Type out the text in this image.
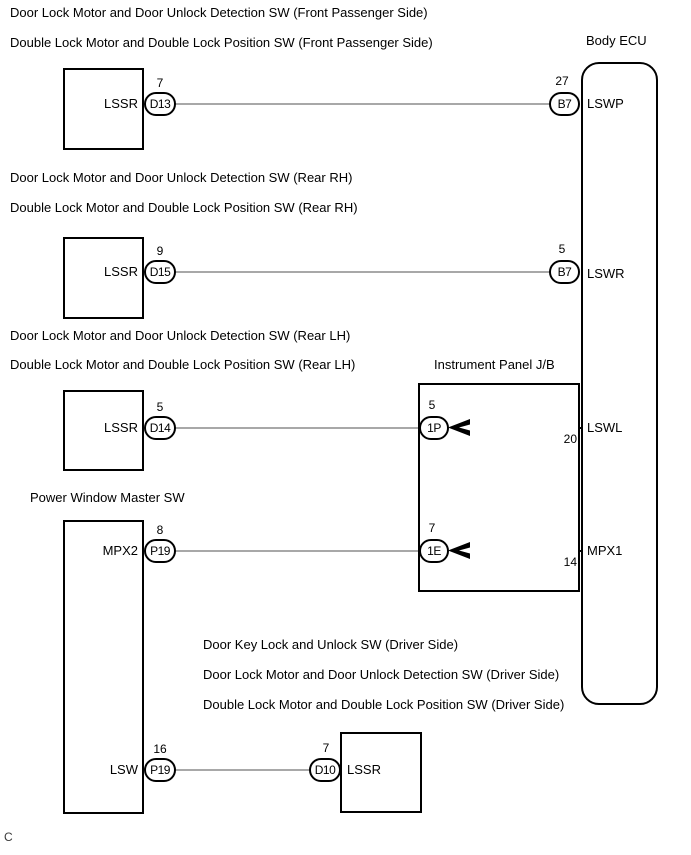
Door Lock Motor and Door Unlock Detection SW (Front Passenger Side)
Double Lock Motor and Double Lock Position SW (Front Passenger Side)	Body ECU
Door Lock Motor and Door Unlock Detection SW (Rear RH)
Double Lock Motor and Double Lock Position SW (Rear RH)
Door Lock Motor and Door Unlock Detection SW (Rear LH)
Double Lock Motor and Double Lock Position SW (Rear LH)	Instrument Panel J/B
Power Window Master SW
Door Key Lock and Unlock SW (Driver Side)
Door Lock Motor and Door Unlock Detection SW (Driver Side)
Double Lock Motor and Double Lock Position SW (Driver Side)
C
LSSR
LSSR
LSSR
MPX2
LSW	LSSR
D13
7
B7
27
LSWP
D15
9
B7
5
LSWR
D14
5
1P
5
20
LSWL
P19
8
1E
7
14
MPX1
P19
16
D10
7
